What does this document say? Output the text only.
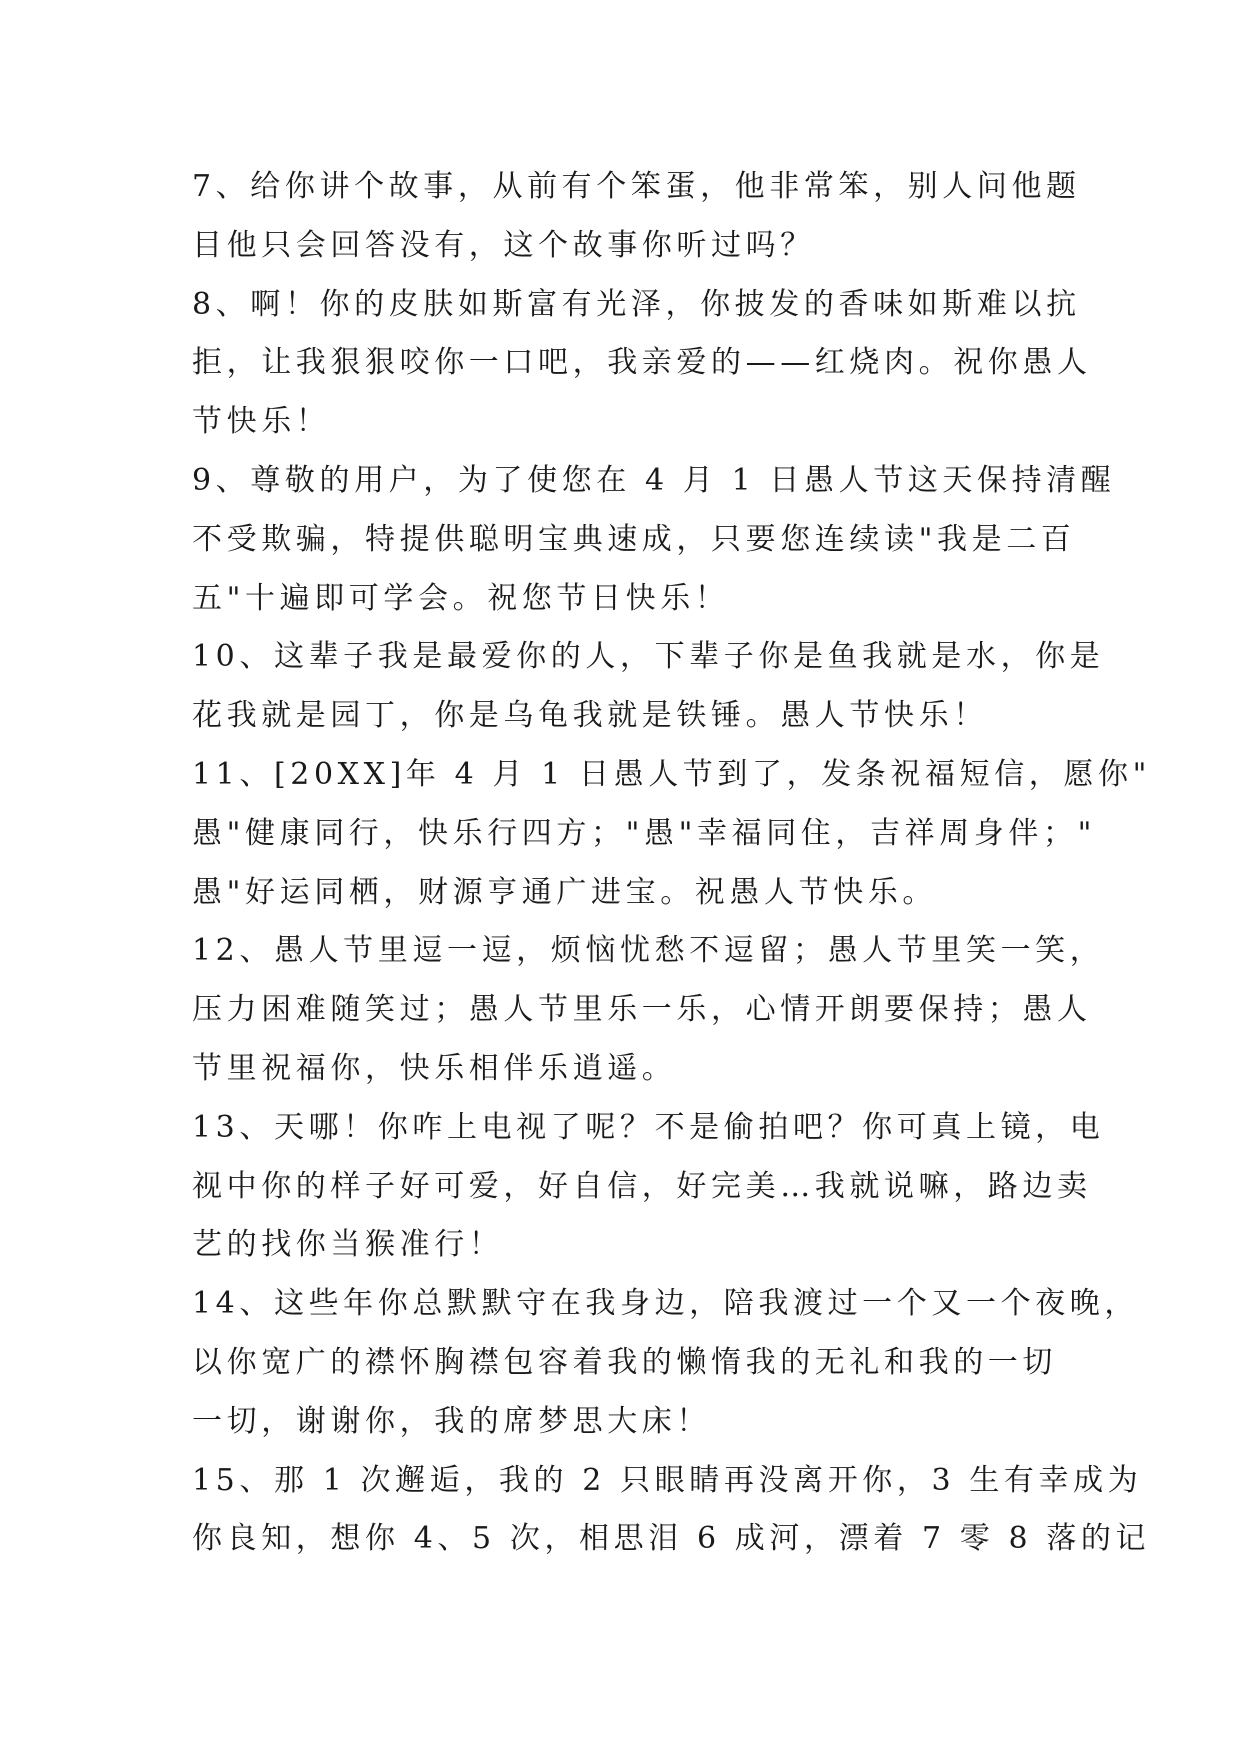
7、给你讲个故事，从前有个笨蛋，他非常笨，别人问他题
目他只会回答没有，这个故事你听过吗？
8、啊！你的皮肤如斯富有光泽，你披发的香味如斯难以抗
拒，让我狠狠咬你一口吧，我亲爱的——红烧肉。祝你愚人
节快乐！
9、尊敬的用户，为了使您在 4 月 1 日愚人节这天保持清醒
不受欺骗，特提供聪明宝典速成，只要您连续读"我是二百
五"十遍即可学会。祝您节日快乐！
10、这辈子我是最爱你的人，下辈子你是鱼我就是水，你是
花我就是园丁，你是乌龟我就是铁锤。愚人节快乐！
11、[20XX]年 4 月 1 日愚人节到了，发条祝福短信，愿你"
愚"健康同行，快乐行四方；"愚"幸福同住，吉祥周身伴；"
愚"好运同栖，财源亨通广进宝。祝愚人节快乐。
12、愚人节里逗一逗，烦恼忧愁不逗留；愚人节里笑一笑，
压力困难随笑过；愚人节里乐一乐，心情开朗要保持；愚人
节里祝福你，快乐相伴乐逍遥。
13、天哪！你咋上电视了呢？不是偷拍吧？你可真上镜，电
视中你的样子好可爱，好自信，好完美…我就说嘛，路边卖
艺的找你当猴准行！
14、这些年你总默默守在我身边，陪我渡过一个又一个夜晚，
以你宽广的襟怀胸襟包容着我的懒惰我的无礼和我的一切
一切，谢谢你，我的席梦思大床！
15、那 1 次邂逅，我的 2 只眼睛再没离开你，3 生有幸成为
你良知，想你 4、5 次，相思泪 6 成河，漂着 7 零 8 落的记
